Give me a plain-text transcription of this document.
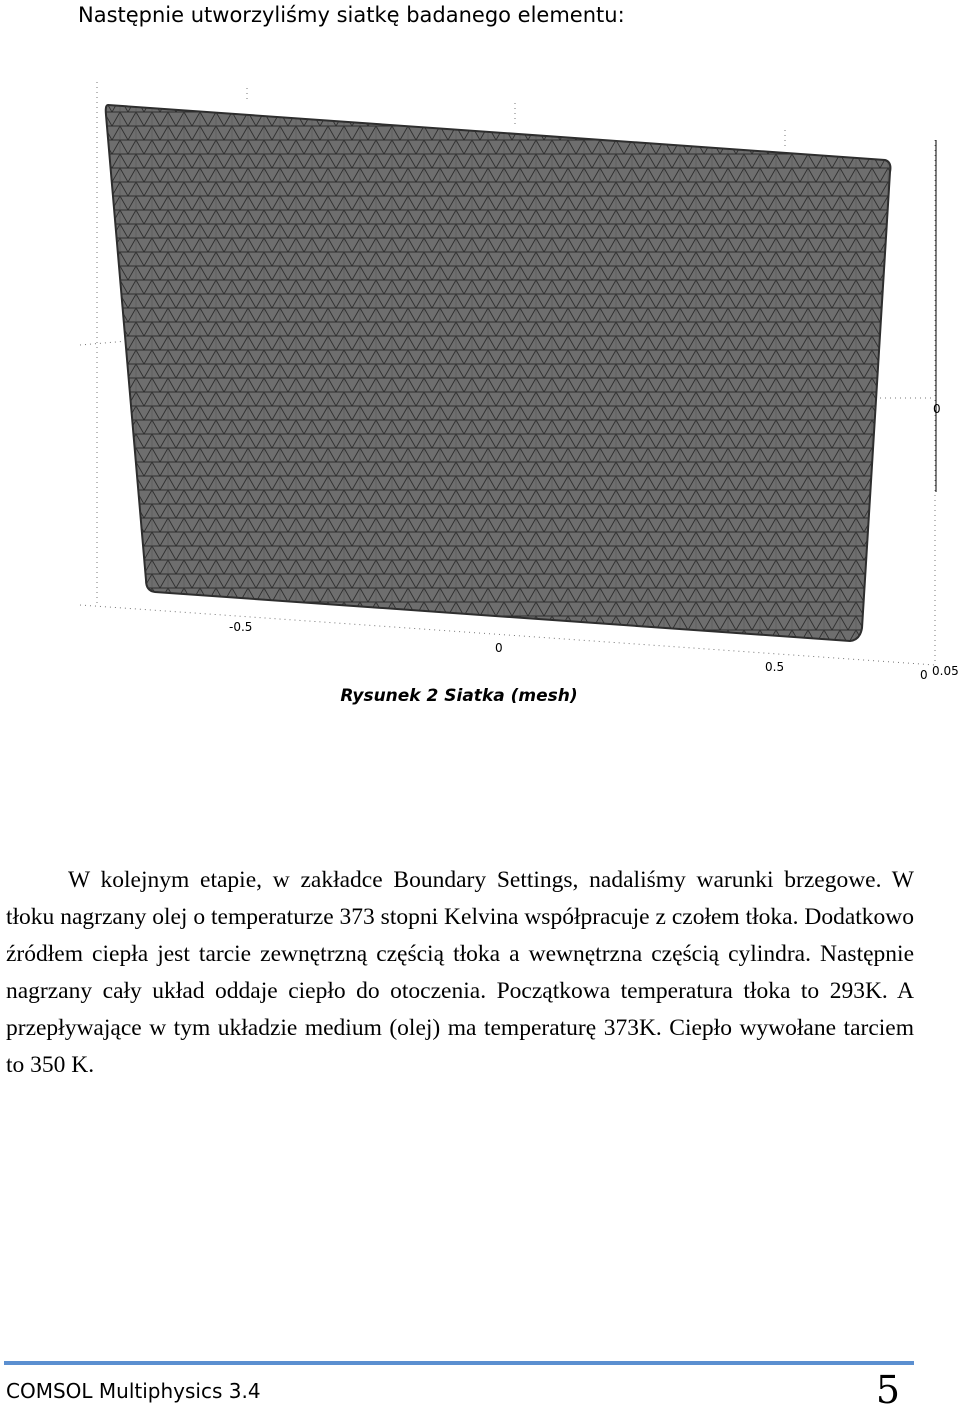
Następnie utworzyliśmy siatkę badanego elementu:
-0.5
0
0.5
0
0 0.05
Rysunek 2 Siatka (mesh)
W kolejnym etapie, w zakładce Boundary Settings, nadaliśmy warunki brzegowe. W tłoku nagrzany olej o temperaturze 373 stopni Kelvina współpracuje z czołem tłoka. Dodatkowo źródłem ciepła jest tarcie zewnętrzną częścią tłoka a wewnętrzna częścią cylindra. Następnie nagrzany cały układ oddaje ciepło do otoczenia. Początkowa temperatura tłoka to 293K. A przepływające w tym układzie medium (olej) ma temperaturę 373K. Ciepło wywołane tarciem to 350 K.
COMSOL Multiphysics 3.4	5
